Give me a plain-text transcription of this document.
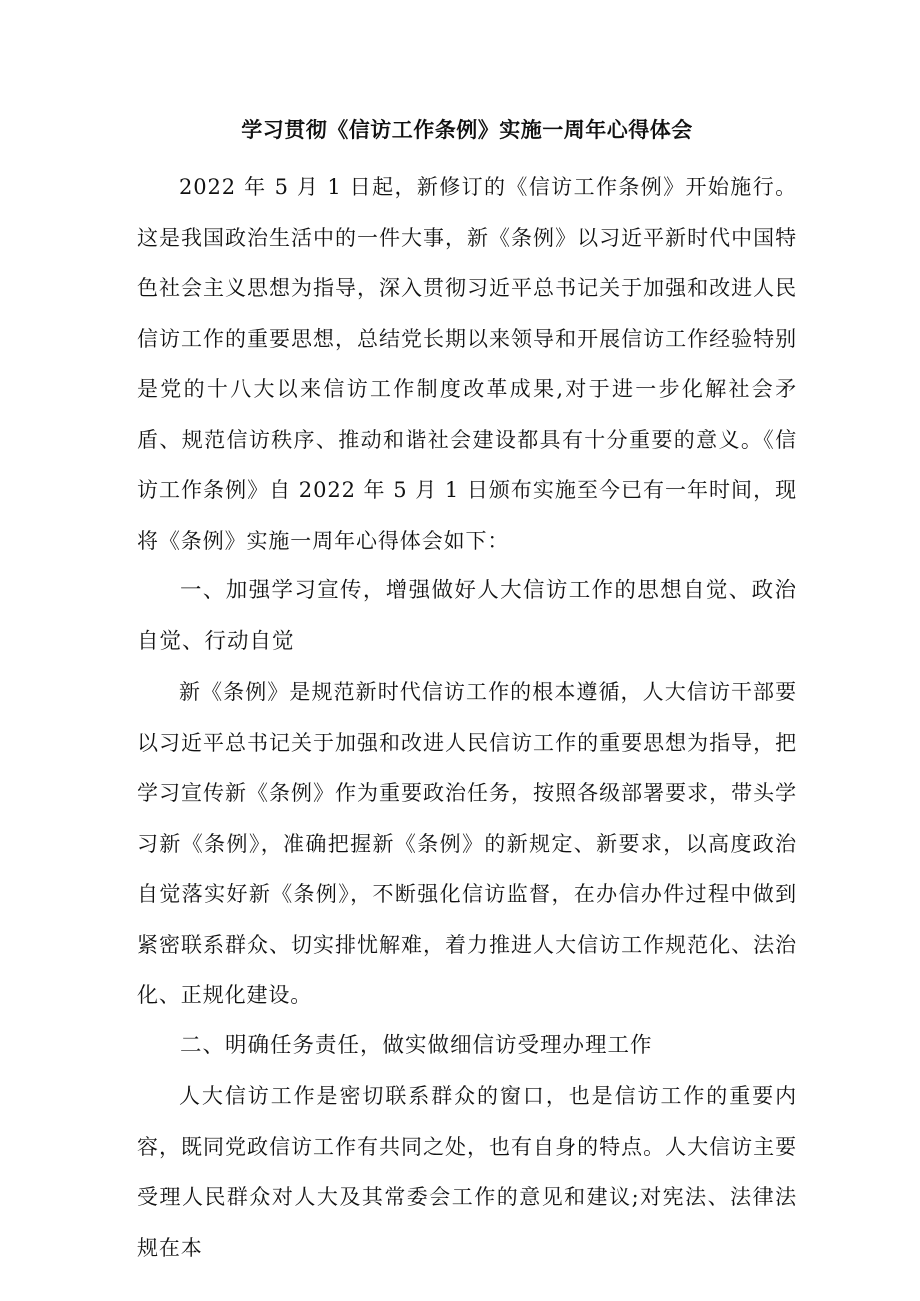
学习贯彻《信访工作条例》实施一周年心得体会

2022 年 5 月 1 日起，新修订的《信访工作条例》开始施行。这是我国政治生活中的一件大事，新《条例》以习近平新时代中国特色社会主义思想为指导，深入贯彻习近平总书记关于加强和改进人民信访工作的重要思想，总结党长期以来领导和开展信访工作经验特别是党的十八大以来信访工作制度改革成果,对于进一步化解社会矛盾、规范信访秩序、推动和谐社会建设都具有十分重要的意义。《信访工作条例》自 2022 年 5 月 1 日颁布实施至今已有一年时间，现将《条例》实施一周年心得体会如下：

一、加强学习宣传，增强做好人大信访工作的思想自觉、政治自觉、行动自觉

新《条例》是规范新时代信访工作的根本遵循，人大信访干部要以习近平总书记关于加强和改进人民信访工作的重要思想为指导，把学习宣传新《条例》作为重要政治任务，按照各级部署要求，带头学习新《条例》，准确把握新《条例》的新规定、新要求，以高度政治自觉落实好新《条例》，不断强化信访监督，在办信办件过程中做到紧密联系群众、切实排忧解难，着力推进人大信访工作规范化、法治化、正规化建设。

二、明确任务责任，做实做细信访受理办理工作

人大信访工作是密切联系群众的窗口，也是信访工作的重要内容，既同党政信访工作有共同之处，也有自身的特点。人大信访主要受理人民群众对人大及其常委会工作的意见和建议;对宪法、法律法规在本
